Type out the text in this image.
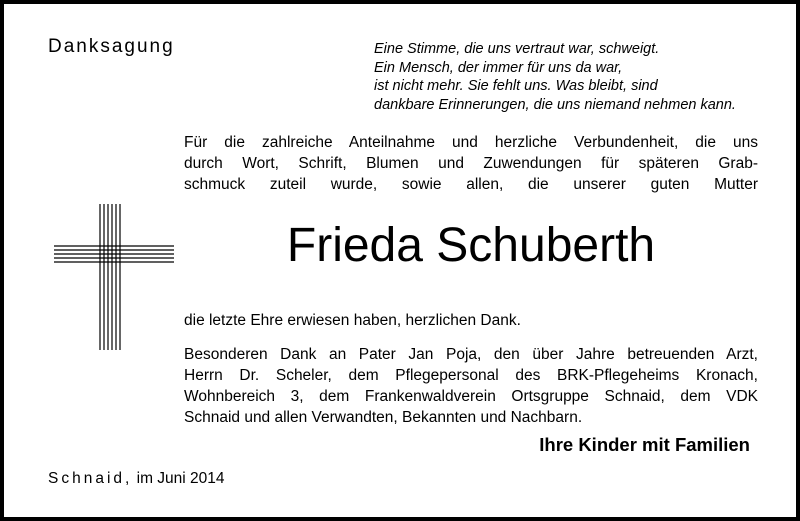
Danksagung	Eine Stimme, die uns vertraut war, schweigt.
Ein Mensch, der immer für uns da war,
ist nicht mehr. Sie fehlt uns. Was bleibt, sind
dankbare Erinnerungen, die uns niemand nehmen kann.
Für die zahlreiche Anteilnahme und herzliche Verbundenheit, die uns
durch Wort, Schrift, Blumen und Zuwendungen für späteren Grab-
schmuck zuteil wurde, sowie allen, die unserer guten Mutter
Frieda Schuberth
die letzte Ehre erwiesen haben, herzlichen Dank.
Besonderen Dank an Pater Jan Poja, den über Jahre betreuenden Arzt,
Herrn Dr. Scheler, dem Pflegepersonal des BRK-Pflegeheims Kronach,
Wohnbereich 3, dem Frankenwaldverein Ortsgruppe Schnaid, dem VDK
Schnaid und allen Verwandten, Bekannten und Nachbarn.
Ihre Kinder mit Familien
Schnaid, im Juni 2014
